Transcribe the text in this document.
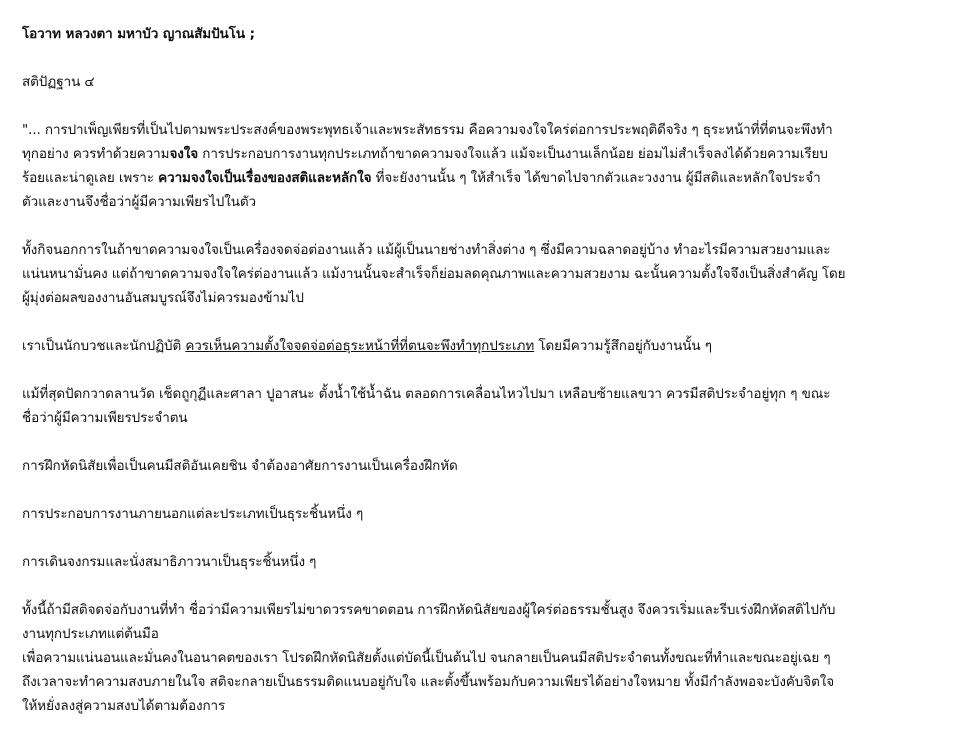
โอวาท หลวงตา มหาบัว ญาณสัมปันโน ;
สติปัฏฐาน ๔
"... การปาเพ็ญเพียรที่เป็นไปตามพระประสงค์ของพระพุทธเจ้าและพระสัทธรรม คือความจงใจใคร่ต่อการประพฤติดีจริง ๆ ธุระหน้าที่ที่ตนจะพึงทำ
ทุกอย่าง ควรทำด้วยความจงใจ การประกอบการงานทุกประเภทถ้าขาดความจงใจแล้ว แม้จะเป็นงานเล็กน้อย ย่อมไม่สำเร็จลงได้ด้วยความเรียบ
ร้อยและน่าดูเลย เพราะ ความจงใจเป็นเรื่องของสติและหลักใจ ที่จะยังงานนั้น ๆ ให้สำเร็จ ได้ขาดไปจากตัวและวงงาน ผู้มีสติและหลักใจประจำ
ตัวและงานจึงชื่อว่าผู้มีความเพียรไปในตัว
ทั้งกิจนอกการในถ้าขาดความจงใจเป็นเครื่องจดจ่อต่องานแล้ว แม้ผู้เป็นนายช่างทำสิ่งต่าง ๆ ซึ่งมีความฉลาดอยู่บ้าง ทำอะไรมีความสวยงามและ
แน่นหนามั่นคง แต่ถ้าขาดความจงใจใคร่ต่องานแล้ว แม้งานนั้นจะสำเร็จก็ย่อมลดคุณภาพและความสวยงาม ฉะนั้นความตั้งใจจึงเป็นสิ่งสำคัญ โดย
ผู้มุ่งต่อผลของงานอันสมบูรณ์จึงไม่ควรมองข้ามไป
เราเป็นนักบวชและนักปฏิบัติ ควรเห็นความตั้งใจจดจ่อต่อธุระหน้าที่ที่ตนจะพึงทำทุกประเภท โดยมีความรู้สึกอยู่กับงานนั้น ๆ
แม้ที่สุดปัดกวาดลานวัด เช็ดถูกุฏีและศาลา ปูอาสนะ ตั้งน้ำใช้น้ำฉัน ตลอดการเคลื่อนไหวไปมา เหลือบซ้ายแลขวา ควรมีสติประจำอยู่ทุก ๆ ขณะ
ชื่อว่าผู้มีความเพียรประจำตน
การฝึกหัดนิสัยเพื่อเป็นคนมีสติอันเคยชิน จำต้องอาศัยการงานเป็นเครื่องฝึกหัด
การประกอบการงานภายนอกแต่ละประเภทเป็นธุระชิ้นหนึ่ง ๆ
การเดินจงกรมและนั่งสมาธิภาวนาเป็นธุระชิ้นหนึ่ง ๆ
ทั้งนี้ถ้ามีสติจดจ่อกับงานที่ทำ ชื่อว่ามีความเพียรไม่ขาดวรรคขาดตอน การฝึกหัดนิสัยของผู้ใคร่ต่อธรรมชั้นสูง จึงควรเริ่มและรีบเร่งฝึกหัดสติไปกับ
งานทุกประเภทแต่ต้นมือ
เพื่อความแน่นอนและมั่นคงในอนาคตของเรา โปรดฝึกหัดนิสัยตั้งแต่บัดนี้เป็นต้นไป จนกลายเป็นคนมีสติประจำตนทั้งขณะที่ทำและขณะอยู่เฉย ๆ
ถึงเวลาจะทำความสงบภายในใจ สติจะกลายเป็นธรรมติดแนบอยู่กับใจ และตั้งขึ้นพร้อมกับความเพียรได้อย่างใจหมาย ทั้งมีกำลังพอจะบังคับจิตใจ
ให้หยั่งลงสู่ความสงบได้ตามต้องการ
